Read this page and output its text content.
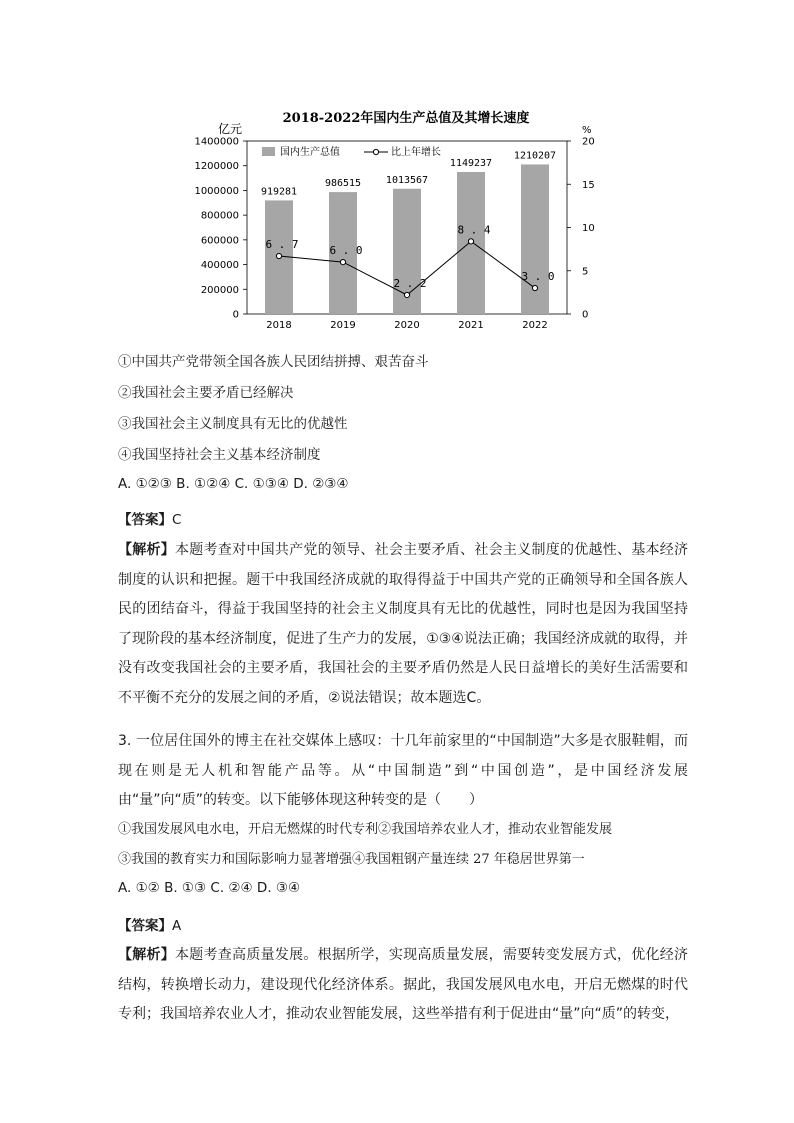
2018-2022年国内生产总值及其增长速度
亿元	%
0
200000
400000
600000
800000
1000000
1200000
1400000
0
5
10
15
20
919281
986515 1013567
1149237
1210207
2018	2019	2020	2021	2022
6 . 7	6 . 0
2 . 2
8 . 4
3 . 0
国内生产总值	比上年增长
①中国共产党带领全国各族人民团结拼搏、艰苦奋斗
②我国社会主要矛盾已经解决
③我国社会主义制度具有无比的优越性
④我国坚持社会主义基本经济制度
A. ①②③ B. ①②④ C. ①③④ D. ②③④
【答案】C
【解析】本题考查对中国共产党的领导、社会主要矛盾、社会主义制度的优越性、基本经济制度的认识和把握。题干中我国经济成就的取得得益于中国共产党的正确领导和全国各族人民的团结奋斗，得益于我国坚持的社会主义制度具有无比的优越性，同时也是因为我国坚持了现阶段的基本经济制度，促进了生产力的发展，①③④说法正确；我国经济成就的取得，并没有改变我国社会的主要矛盾，我国社会的主要矛盾仍然是人民日益增长的美好生活需要和不平衡不充分的发展之间的矛盾，②说法错误；故本题选C。
3. 一位居住国外的博主在社交媒体上感叹：十几年前家里的“中国制造”大多是衣服鞋帽，而现在则是无人机和智能产品等。从“中国制造”到“中国创造”，是中国经济发展由“量”向“质”的转变。以下能够体现这种转变的是（　　）
①我国发展风电水电，开启无燃煤的时代专利②我国培养农业人才，推动农业智能发展
③我国的教育实力和国际影响力显著增强④我国粗钢产量连续 27 年稳居世界第一
A. ①② B. ①③ C. ②④ D. ③④
【答案】A
【解析】本题考查高质量发展。根据所学，实现高质量发展，需要转变发展方式，优化经济结构，转换增长动力，建设现代化经济体系。据此，我国发展风电水电，开启无燃煤的时代专利；我国培养农业人才，推动农业智能发展，这些举措有利于促进由“量”向“质”的转变，
